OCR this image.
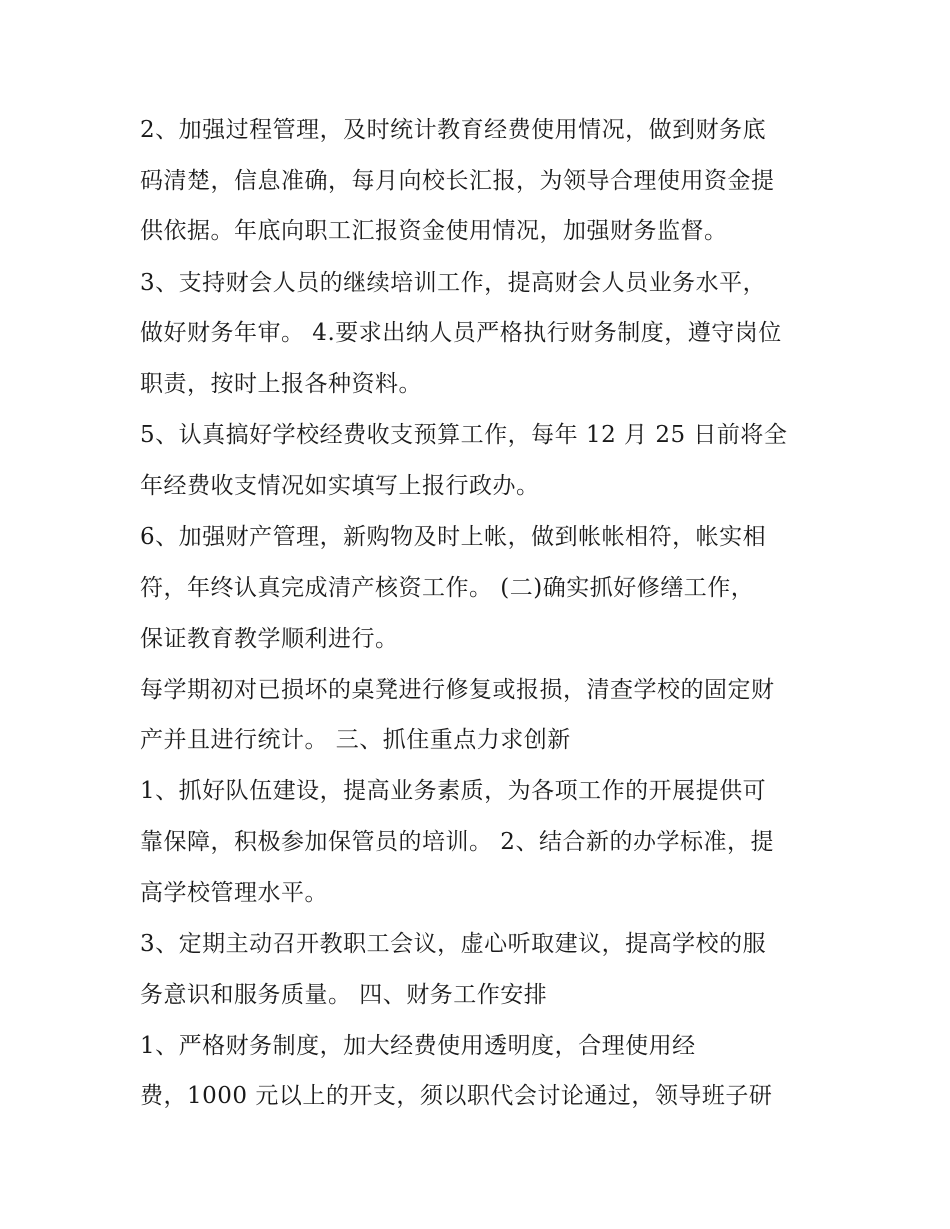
2、加强过程管理，及时统计教育经费使用情况，做到财务底
码清楚，信息准确，每月向校长汇报，为领导合理使用资金提
供依据。年底向职工汇报资金使用情况，加强财务监督。
3、支持财会人员的继续培训工作，提高财会人员业务水平，
做好财务年审。 4.要求出纳人员严格执行财务制度，遵守岗位
职责，按时上报各种资料。
5、认真搞好学校经费收支预算工作，每年 12 月 25 日前将全
年经费收支情况如实填写上报行政办。
6、加强财产管理，新购物及时上帐，做到帐帐相符，帐实相
符，年终认真完成清产核资工作。 (二)确实抓好修缮工作，
保证教育教学顺利进行。
每学期初对已损坏的桌凳进行修复或报损，清查学校的固定财
产并且进行统计。 三、抓住重点力求创新
1、抓好队伍建设，提高业务素质，为各项工作的开展提供可
靠保障，积极参加保管员的培训。 2、结合新的办学标准，提
高学校管理水平。
3、定期主动召开教职工会议，虚心听取建议，提高学校的服
务意识和服务质量。 四、财务工作安排
1、严格财务制度，加大经费使用透明度，合理使用经
费，1000 元以上的开支，须以职代会讨论通过，领导班子研
